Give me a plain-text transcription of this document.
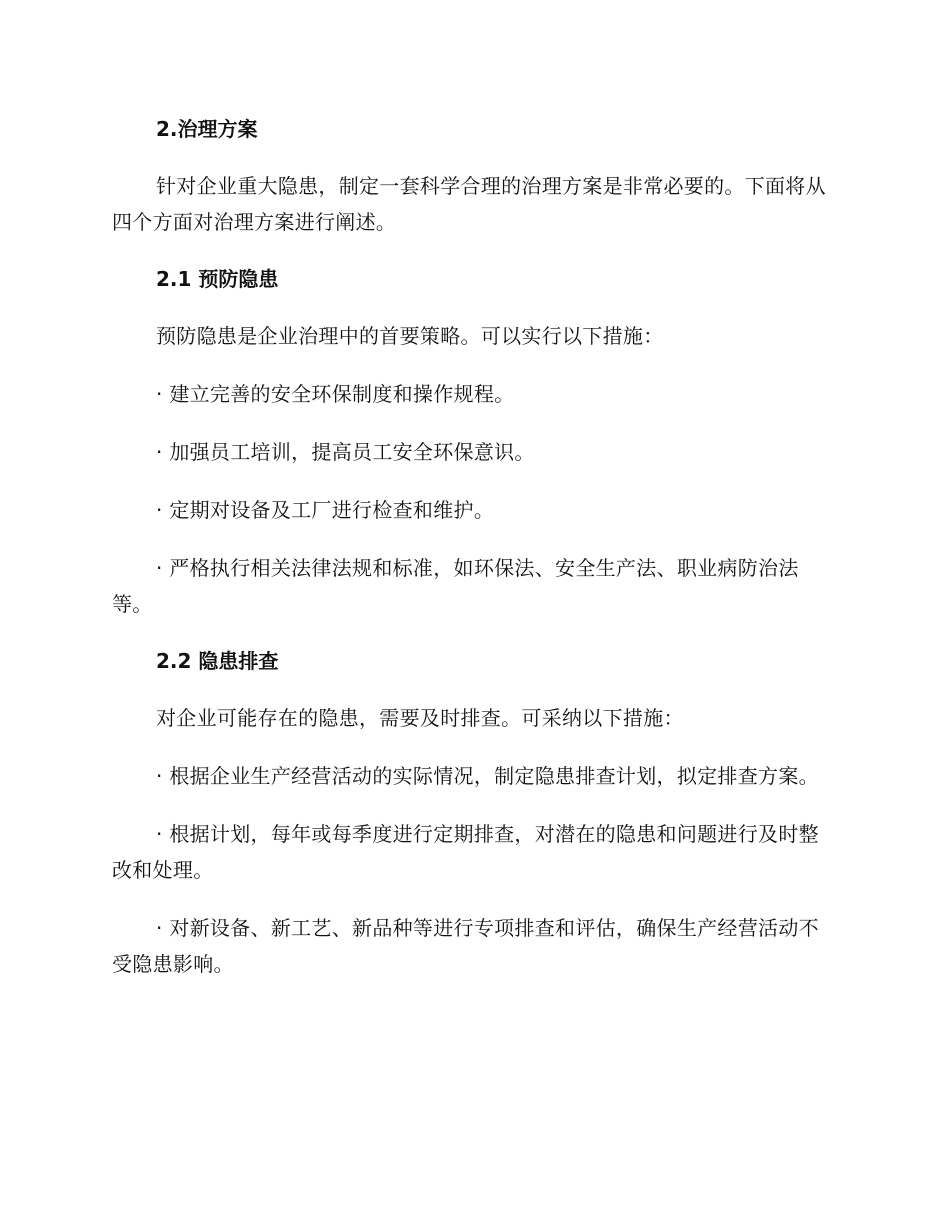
2.治理方案

针对企业重大隐患，制定一套科学合理的治理方案是非常必要的。下面将从四个方面对治理方案进行阐述。

2.1 预防隐患

预防隐患是企业治理中的首要策略。可以实行以下措施：

· 建立完善的安全环保制度和操作规程。

· 加强员工培训，提高员工安全环保意识。

· 定期对设备及工厂进行检查和维护。

· 严格执行相关法律法规和标准，如环保法、安全生产法、职业病防治法等。

2.2 隐患排查

对企业可能存在的隐患，需要及时排查。可采纳以下措施：

· 根据企业生产经营活动的实际情况，制定隐患排查计划，拟定排查方案。

· 根据计划，每年或每季度进行定期排查，对潜在的隐患和问题进行及时整改和处理。

· 对新设备、新工艺、新品种等进行专项排查和评估，确保生产经营活动不受隐患影响。
